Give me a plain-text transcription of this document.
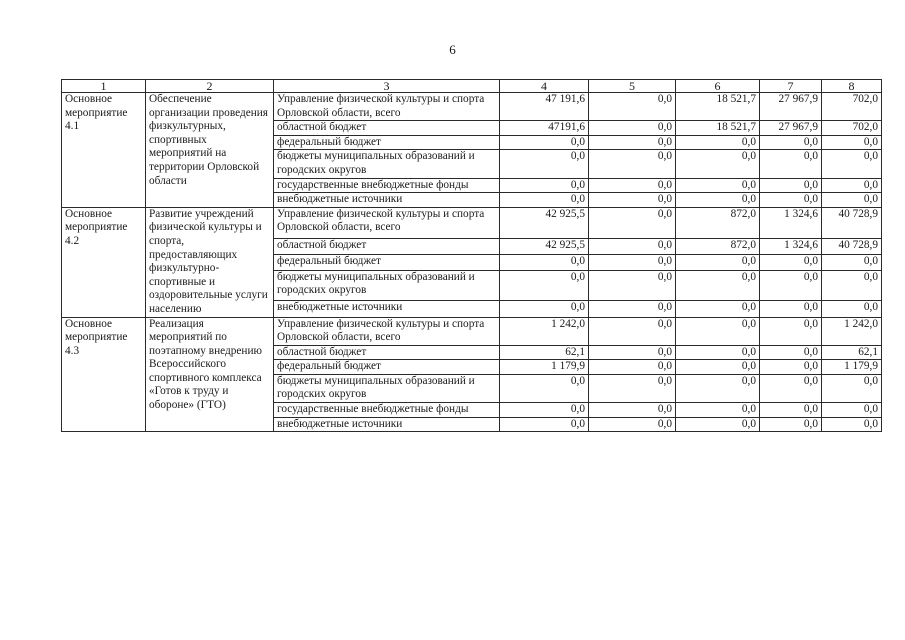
6
1	2	3	4	5	6	7	8
Основное мероприятие 4.1	Обеспечение организации проведения физкультурных, спортивных мероприятий на территории Орловской области	Управление физической культуры и спорта Орловской области, всего	47 191,6	0,0	18 521,7	27 967,9	702,0
		областной бюджет	47191,6	0,0	18 521,7	27 967,9	702,0
		федеральный бюджет	0,0	0,0	0,0	0,0	0,0
		бюджеты муниципальных образований и городских округов	0,0	0,0	0,0	0,0	0,0
		государственные внебюджетные фонды	0,0	0,0	0,0	0,0	0,0
		внебюджетные источники	0,0	0,0	0,0	0,0	0,0
Основное мероприятие 4.2	Развитие учреждений физической культуры и спорта, предоставляющих физкультурно-спортивные и оздоровительные услуги населению	Управление физической культуры и спорта Орловской области, всего	42 925,5	0,0	872,0	1 324,6	40 728,9
		областной бюджет	42 925,5	0,0	872,0	1 324,6	40 728,9
		федеральный бюджет	0,0	0,0	0,0	0,0	0,0
		бюджеты муниципальных образований и городских округов	0,0	0,0	0,0	0,0	0,0
		внебюджетные источники	0,0	0,0	0,0	0,0	0,0
Основное мероприятие 4.3	Реализация мероприятий по поэтапному внедрению Всероссийского спортивного комплекса «Готов к труду и обороне» (ГТО)	Управление физической культуры и спорта Орловской области, всего	1 242,0	0,0	0,0	0,0	1 242,0
		областной бюджет	62,1	0,0	0,0	0,0	62,1
		федеральный бюджет	1 179,9	0,0	0,0	0,0	1 179,9
		бюджеты муниципальных образований и городских округов	0,0	0,0	0,0	0,0	0,0
		государственные внебюджетные фонды	0,0	0,0	0,0	0,0	0,0
		внебюджетные источники	0,0	0,0	0,0	0,0	0,0
